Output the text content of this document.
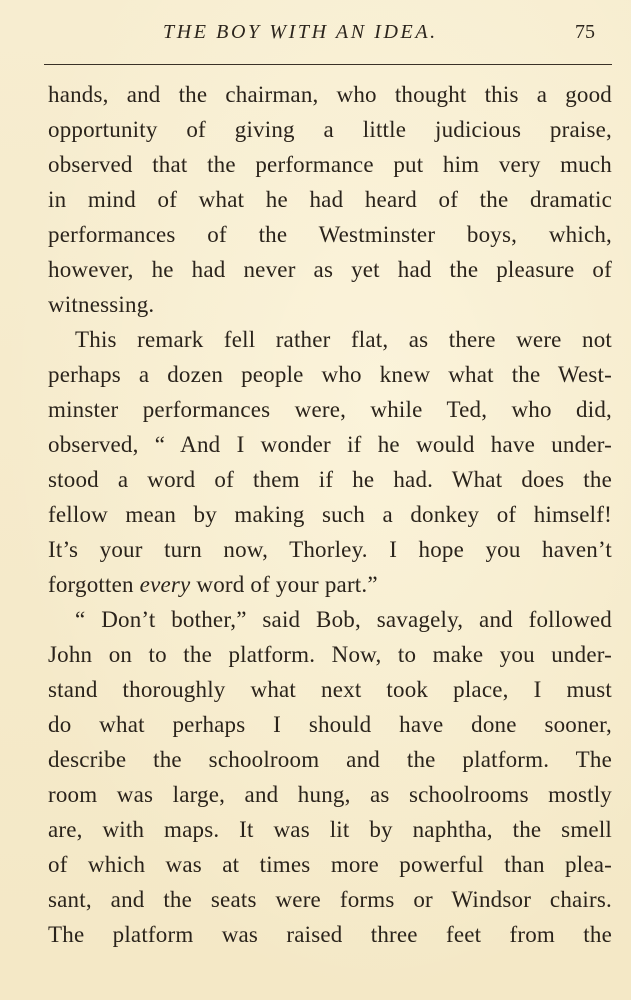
THE BOY WITH AN IDEA.	75
hands, and the chairman, who thought this a good
opportunity of giving a little judicious praise,
observed that the performance put him very much
in mind of what he had heard of the dramatic
performances of the Westminster boys, which,
however, he had never as yet had the pleasure of
witnessing.
This remark fell rather flat, as there were not
perhaps a dozen people who knew what the West-
minster performances were, while Ted, who did,
observed, “ And I wonder if he would have under-
stood a word of them if he had. What does the
fellow mean by making such a donkey of himself!
It’s your turn now, Thorley. I hope you haven’t
forgotten every word of your part.”
“ Don’t bother,” said Bob, savagely, and followed
John on to the platform. Now, to make you under-
stand thoroughly what next took place, I must
do what perhaps I should have done sooner,
describe the schoolroom and the platform. The
room was large, and hung, as schoolrooms mostly
are, with maps. It was lit by naphtha, the smell
of which was at times more powerful than plea-
sant, and the seats were forms or Windsor chairs.
The platform was raised three feet from the
